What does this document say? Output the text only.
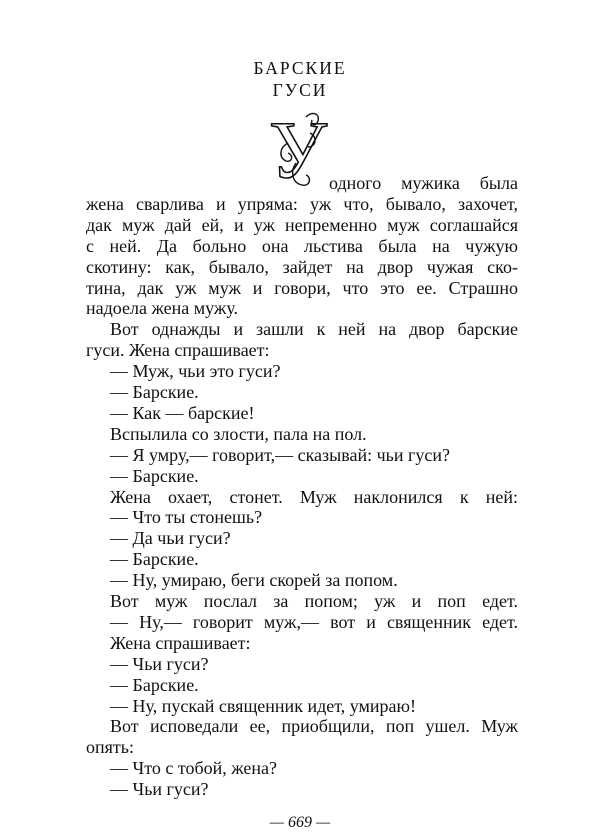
БАРСКИЕ
ГУСИ
У одного мужика была
жена сварлива и упряма: уж что, бывало, захочет,
дак муж дай ей, и уж непременно муж соглашайся
с ней. Да больно она льстива была на чужую
скотину: как, бывало, зайдет на двор чужая ско-
тина, дак уж муж и говори, что это ее. Страшно
надоела жена мужу.
Вот однажды и зашли к ней на двор барские
гуси. Жена спрашивает:
— Муж, чьи это гуси?
— Барские.
— Как — барские!
Вспылила со злости, пала на пол.
— Я умру,— говорит,— сказывай: чьи гуси?
— Барские.
Жена охает, стонет. Муж наклонился к ней:
— Что ты стонешь?
— Да чьи гуси?
— Барские.
— Ну, умираю, беги скорей за попом.
Вот муж послал за попом; уж и поп едет.
— Ну,— говорит муж,— вот и священник едет.
Жена спрашивает:
— Чьи гуси?
— Барские.
— Ну, пускай священник идет, умираю!
Вот исповедали ее, приобщили, поп ушел. Муж
опять:
— Что с тобой, жена?
— Чьи гуси?
— 669 —
